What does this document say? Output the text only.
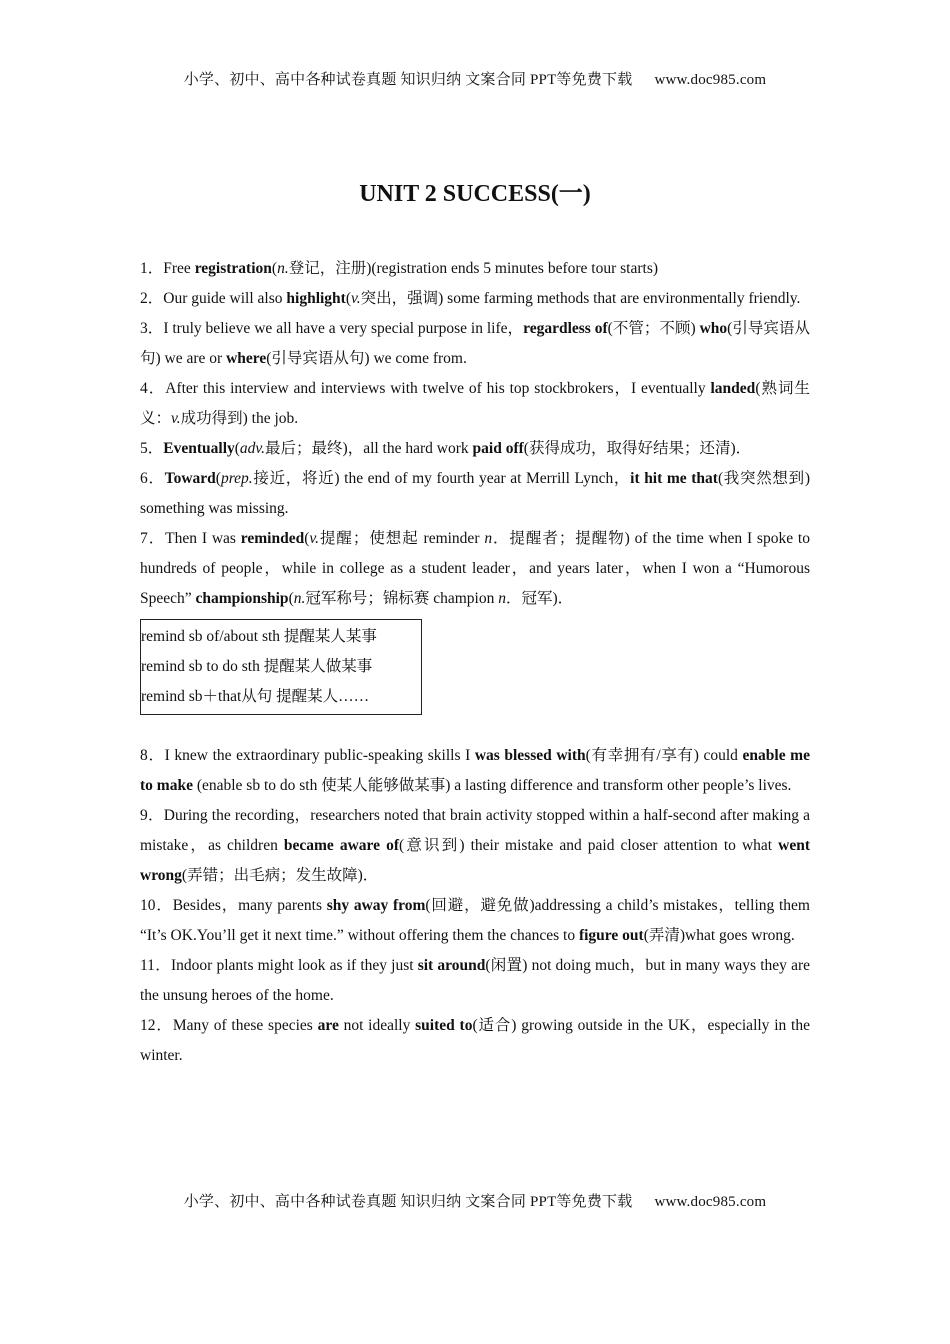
小学、初中、高中各种试卷真题 知识归纳 文案合同 PPT等免费下载 www.doc985.com
UNIT 2 SUCCESS(一)

1．Free registration(n.登记，注册)(registration ends 5 minutes before tour starts)

2．Our guide will also highlight(v.突出，强调) some farming methods that are environmentally friendly.

3．I truly believe we all have a very special purpose in life，regardless of(不管；不顾) who(引导宾语从句) we are or where(引导宾语从句) we come from.

4．After this interview and interviews with twelve of his top stockbrokers，I eventually landed(熟词生义：v.成功得到) the job.

5．Eventually(adv.最后；最终)，all the hard work paid off(获得成功，取得好结果；还清)．

6．Toward(prep.接近，将近) the end of my fourth year at Merrill Lynch，it hit me that(我突然想到) something was missing.

7．Then I was reminded(v.提醒；使想起 reminder n．提醒者；提醒物) of the time when I spoke to hundreds of people，while in college as a student leader，and years later，when I won a “Humorous Speech” championship(n.冠军称号；锦标赛 champion n．冠军)．

remind sb of/about sth 提醒某人某事
remind sb to do sth 提醒某人做某事
remind sb＋that从句 提醒某人……

8．I knew the extraordinary public-speaking skills I was blessed with(有幸拥有/享有) could enable me to make (enable sb to do sth 使某人能够做某事) a lasting difference and transform other people’s lives.

9．During the recording，researchers noted that brain activity stopped within a half-second after making a mistake，as children became aware of(意识到) their mistake and paid closer attention to what went wrong(弄错；出毛病；发生故障)．

10．Besides，many parents shy away from(回避，避免做)addressing a child’s mistakes，telling them “It’s OK.You’ll get it next time.” without offering them the chances to figure out(弄清)what goes wrong.

11．Indoor plants might look as if they just sit around(闲置) not doing much，but in many ways they are the unsung heroes of the home.

12．Many of these species are not ideally suited to(适合) growing outside in the UK，especially in the winter.

小学、初中、高中各种试卷真题 知识归纳 文案合同 PPT等免费下载 www.doc985.com
